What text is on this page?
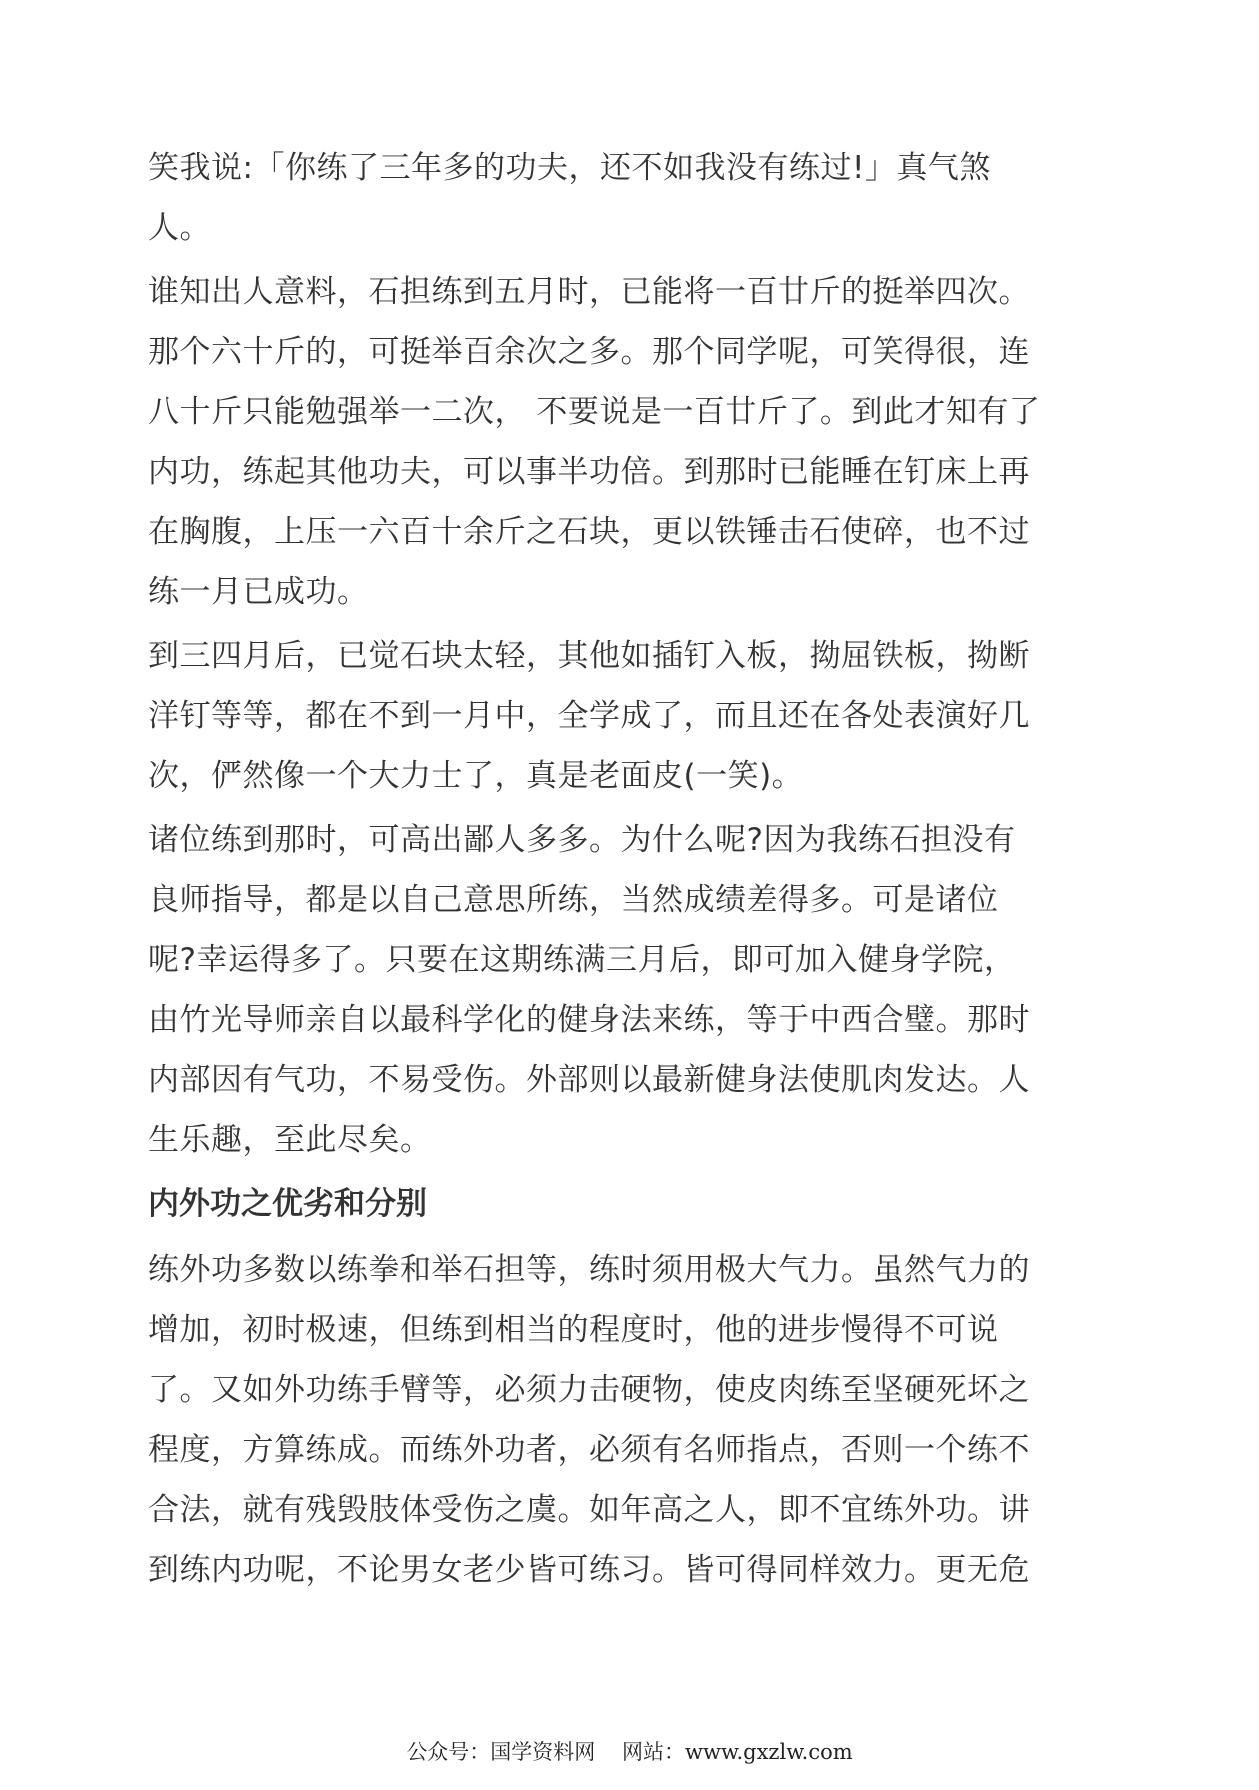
笑我说:「你练了三年多的功夫，还不如我没有练过!」真气煞
人。

谁知出人意料，石担练到五月时，已能将一百廿斤的挺举四次。
那个六十斤的，可挺举百余次之多。那个同学呢，可笑得很，连
八十斤只能勉强举一二次， 不要说是一百廿斤了。到此才知有了
内功，练起其他功夫，可以事半功倍。到那时已能睡在钉床上再
在胸腹，上压一六百十余斤之石块，更以铁锤击石使碎，也不过
练一月已成功。

到三四月后，已觉石块太轻，其他如插钉入板，拗屈铁板，拗断
洋钉等等，都在不到一月中，全学成了，而且还在各处表演好几
次，俨然像一个大力士了，真是老面皮(一笑)。

诸位练到那时，可高出鄙人多多。为什么呢?因为我练石担没有
良师指导，都是以自己意思所练，当然成绩差得多。可是诸位
呢?幸运得多了。只要在这期练满三月后，即可加入健身学院，
由竹光导师亲自以最科学化的健身法来练，等于中西合璧。那时
内部因有气功，不易受伤。外部则以最新健身法使肌肉发达。人
生乐趣，至此尽矣。

内外功之优劣和分别

练外功多数以练拳和举石担等，练时须用极大气力。虽然气力的
增加，初时极速，但练到相当的程度时，他的进步慢得不可说
了。又如外功练手臂等，必须力击硬物，使皮肉练至坚硬死坏之
程度，方算练成。而练外功者，必须有名师指点，否则一个练不
合法，就有残毁肢体受伤之虞。如年高之人，即不宜练外功。讲
到练内功呢，不论男女老少皆可练习。皆可得同样效力。更无危

公众号：国学资料网    网站：www.gxzlw.com
